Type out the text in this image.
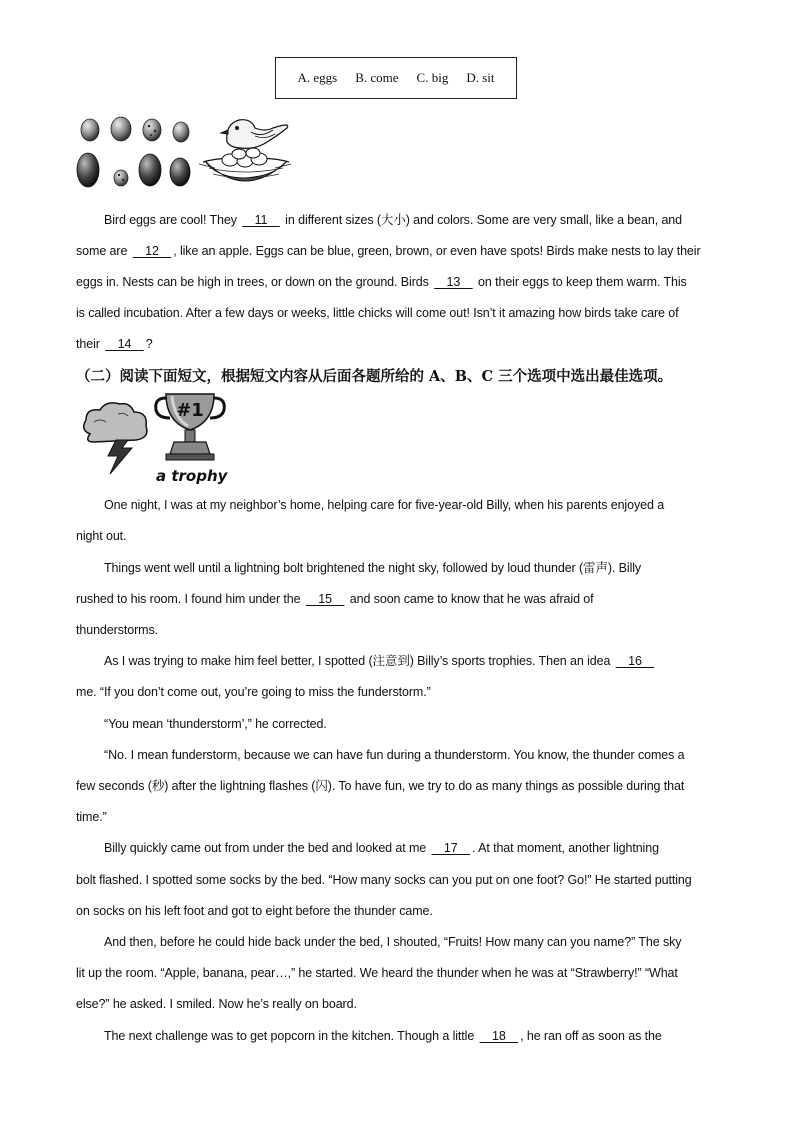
A. eggs B. come C. big D. sit
Bird eggs are cool! They  11  in different sizes (大小) and colors. Some are very small, like a bean, and
some are  12 , like an apple. Eggs can be blue, green, brown, or even have spots! Birds make nests to lay their
eggs in. Nests can be high in trees, or down on the ground. Birds  13  on their eggs to keep them warm. This
is called incubation. After a few days or weeks, little chicks will come out! Isn’t it amazing how birds take care of
their  14 ?
（二）阅读下面短文，根据短文内容从后面各题所给的 A、B、C 三个选项中选出最佳选项。
#1
a trophy
One night, I was at my neighbor’s home, helping care for five-year-old Billy, when his parents enjoyed a
night out.
Things went well until a lightning bolt brightened the night sky, followed by loud thunder (雷声). Billy
rushed to his room. I found him under the  15  and soon came to know that he was afraid of
thunderstorms.
As I was trying to make him feel better, I spotted (注意到) Billy’s sports trophies. Then an idea  16 
me. “If you don’t come out, you’re going to miss the funderstorm.”
“You mean ‘thunderstorm’,” he corrected.
“No. I mean funderstorm, because we can have fun during a thunderstorm. You know, the thunder comes a
few seconds (秒) after the lightning flashes (闪). To have fun, we try to do as many things as possible during that
time.”
Billy quickly came out from under the bed and looked at me  17 . At that moment, another lightning
bolt flashed. I spotted some socks by the bed. “How many socks can you put on one foot? Go!” He started putting
on socks on his left foot and got to eight before the thunder came.
And then, before he could hide back under the bed, I shouted, “Fruits! How many can you name?” The sky
lit up the room. “Apple, banana, pear…,” he started. We heard the thunder when he was at “Strawberry!” “What
else?” he asked. I smiled. Now he’s really on board.
The next challenge was to get popcorn in the kitchen. Though a little  18 , he ran off as soon as the
